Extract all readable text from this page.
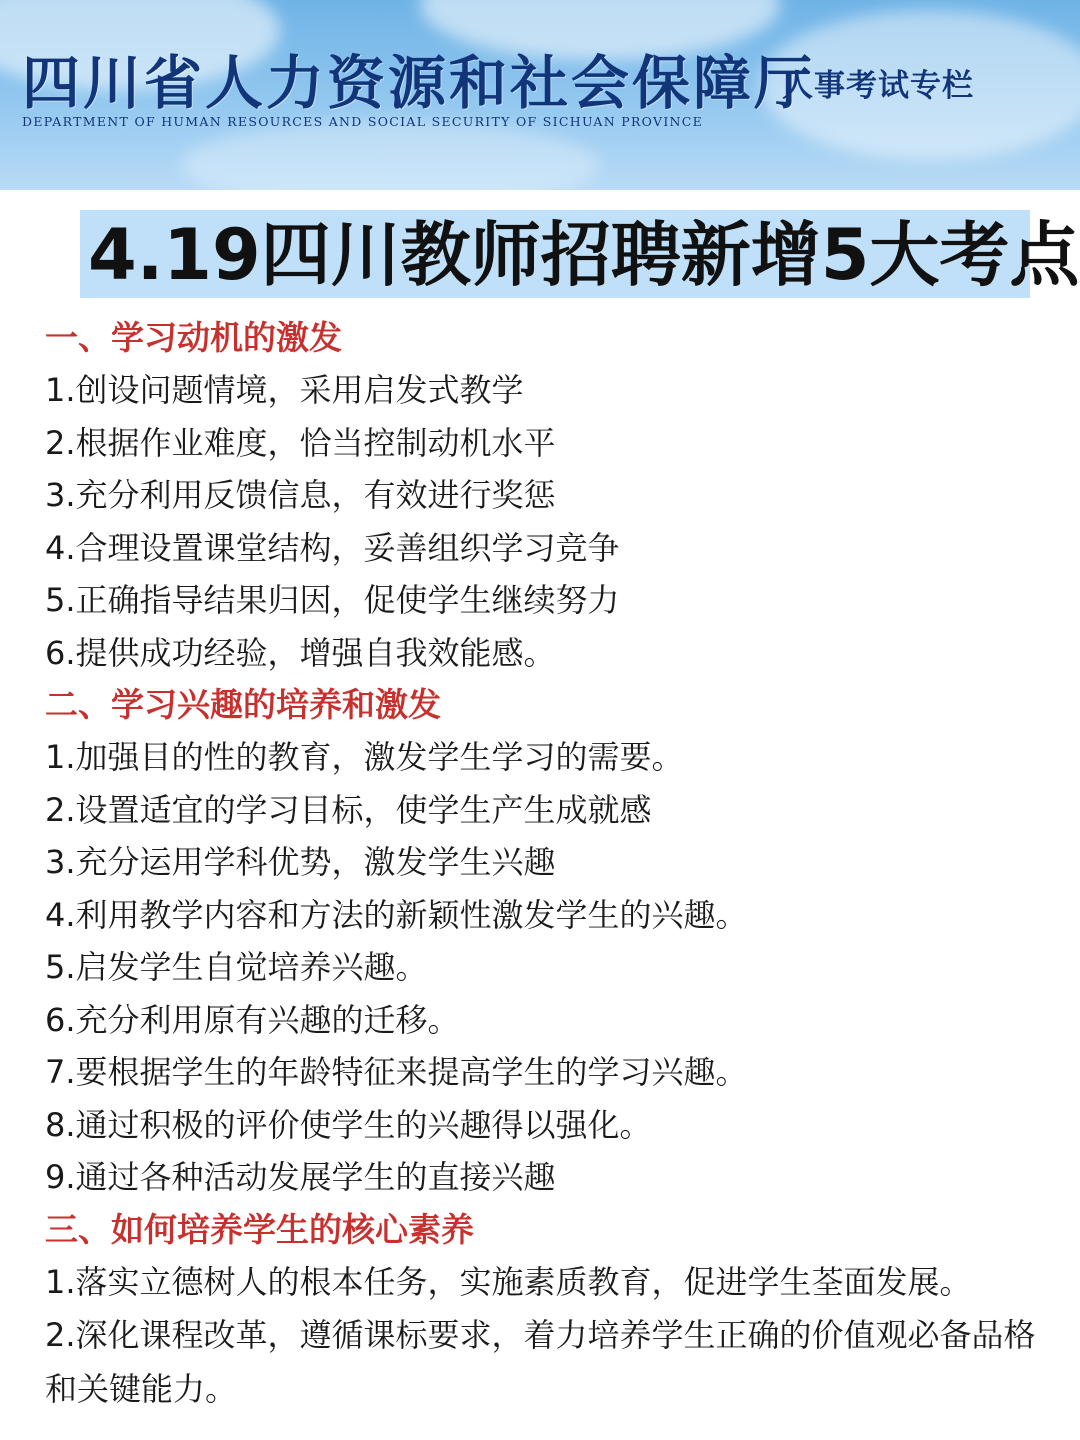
四川省人力资源和社会保障厅
DEPARTMENT OF HUMAN RESOURCES AND SOCIAL SECURITY OF SICHUAN PROVINCE
人事考试专栏
4.19四川教师招聘新增5大考点
一、学习动机的激发
1.创设问题情境，采用启发式教学
2.根据作业难度，恰当控制动机水平
3.充分利用反馈信息，有效进行奖惩
4.合理设置课堂结构，妥善组织学习竞争
5.正确指导结果归因，促使学生继续努力
6.提供成功经验，增强自我效能感。
二、学习兴趣的培养和激发
1.加强目的性的教育，激发学生学习的需要。
2.设置适宜的学习目标，使学生产生成就感
3.充分运用学科优势，激发学生兴趣
4.利用教学内容和方法的新颖性激发学生的兴趣。
5.启发学生自觉培养兴趣。
6.充分利用原有兴趣的迁移。
7.要根据学生的年龄特征来提高学生的学习兴趣。
8.通过积极的评价使学生的兴趣得以强化。
9.通过各种活动发展学生的直接兴趣
三、如何培养学生的核心素养
1.落实立德树人的根本任务，实施素质教育，促进学生荃面发展。
2.深化课程改革，遵循课标要求，着力培养学生正确的价值观必备品格和关键能力。
